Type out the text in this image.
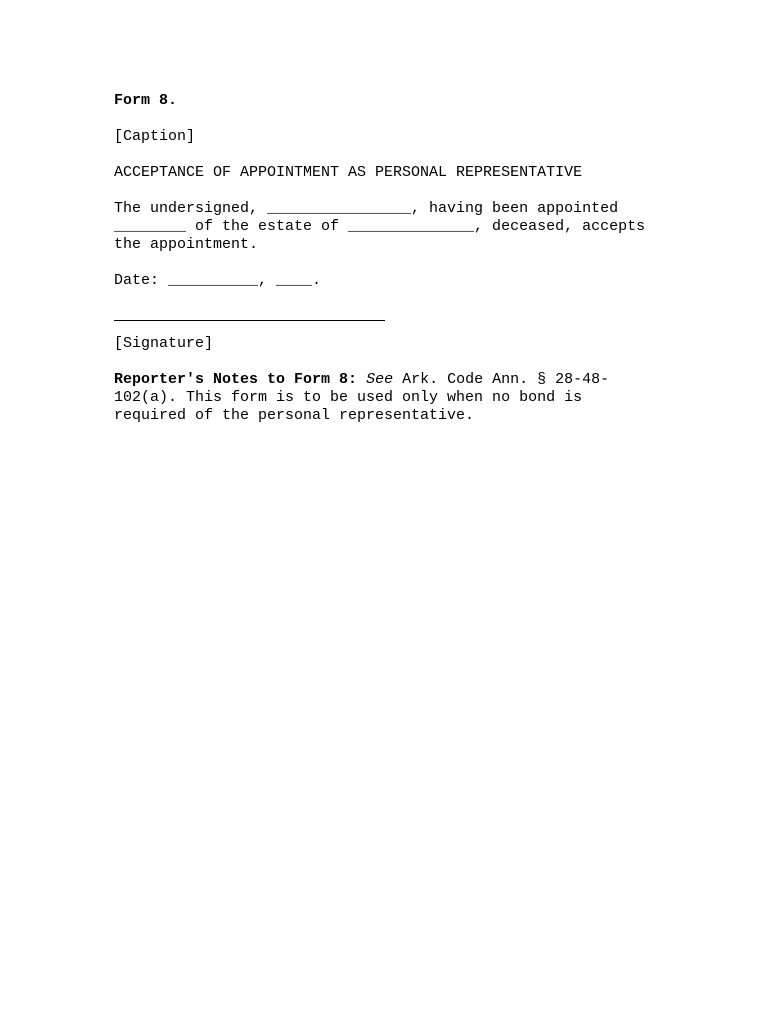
Form 8.

[Caption]

ACCEPTANCE OF APPOINTMENT AS PERSONAL REPRESENTATIVE

The undersigned, ________________, having been appointed

________ of the estate of ______________, deceased, accepts

the appointment.

Date: __________, ____.

[Signature]

Reporter's Notes to Form 8: See Ark. Code Ann. § 28-48-

102(a). This form is to be used only when no bond is

required of the personal representative.
